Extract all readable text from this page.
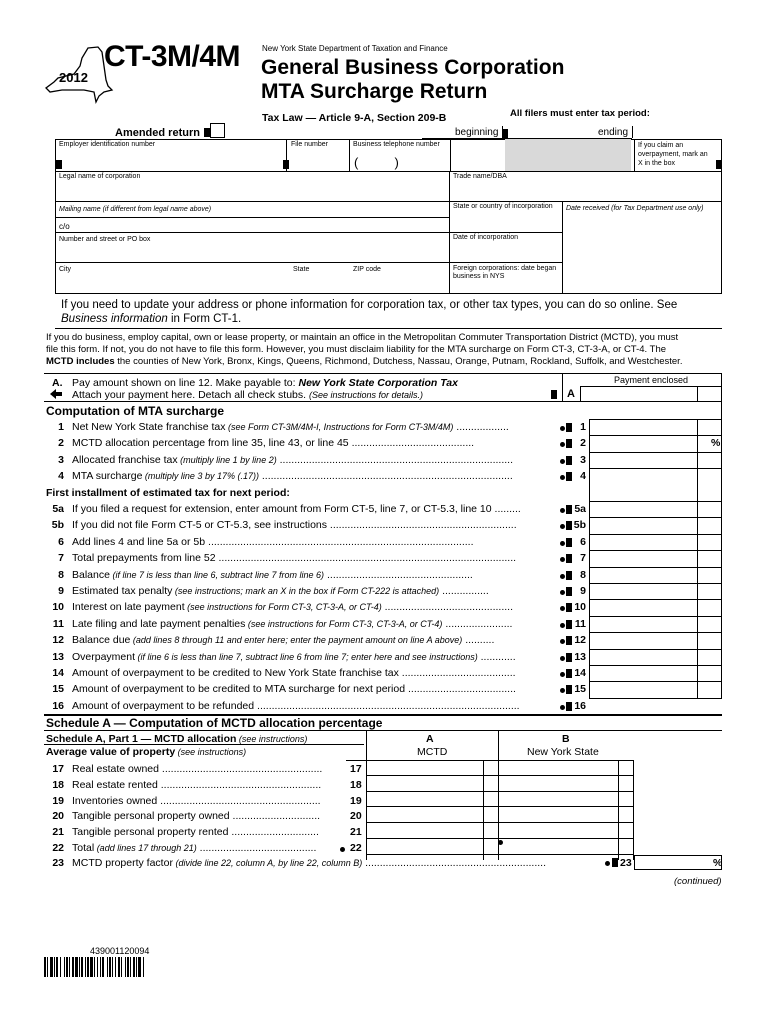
2012
CT-3M/4M	New York State Department of Taxation and Finance
General Business Corporation
MTA Surcharge Return
Tax Law — Article 9-A, Section 209-B	All filers must enter tax period:
Amended return	beginning	ending
Employer identification number	File number	Business telephone number
(          )
If you claim an overpayment, mark an X in the box
Legal name of corporation	Trade name/DBA
Mailing name (if different from legal name above)	State or country of incorporation Date received (for Tax Department use only)
c/o
Number and street or PO box	Date of incorporation
City	State	ZIP code	Foreign corporations: date began business in NYS
If you need to update your address or phone information for corporation tax, or other tax types, you can do so online. See Business information in Form CT-1.
If you do business, employ capital, own or lease property, or maintain an office in the Metropolitan Commuter Transportation District (MCTD), you must
file this form. If not, you do not have to file this form. However, you must disclaim liability for the MTA surcharge on Form CT-3, CT-3-A, or CT-4. The
MCTD includes the counties of New York, Bronx, Kings, Queens, Richmond, Dutchess, Nassau, Orange, Putnam, Rockland, Suffolk, and Westchester.
A. Pay amount shown on line 12. Make payable to: New York State Corporation Tax
Attach your payment here. Detach all check stubs. (See instructions for details.)	A
Payment enclosed
Computation of MTA surcharge
1 Net New York State franchise tax (see Form CT-3M/4M-I, Instructions for Form CT-3M/4M) ..................	1
2 MCTD allocation percentage from line 35, line 43, or line 45 ..........................................	2	%
3 Allocated franchise tax (multiply line 1 by line 2) ................................................................................	3
4 MTA surcharge (multiply line 3 by 17% (.17)) ......................................................................................	4
First installment of estimated tax for next period:
5a If you filed a request for extension, enter amount from Form CT-5, line 7, or CT-5.3, line 10 .........	5a
5b If you did not file Form CT-5 or CT-5.3, see instructions ................................................................	5b
6 Add lines 4 and line 5a or 5b ...........................................................................................	6
7 Total prepayments from line 52 ......................................................................................................	7
8 Balance (if line 7 is less than line 6, subtract line 7 from line 6) ..................................................	8
9 Estimated tax penalty (see instructions; mark an X in the box if Form CT-222 is attached) ................	9
10 Interest on late payment (see instructions for Form CT-3, CT-3-A, or CT-4) ............................................	10
11 Late filing and late payment penalties (see instructions for Form CT-3, CT-3-A, or CT-4) .......................	11
12 Balance due (add lines 8 through 11 and enter here; enter the payment amount on line A above) ..........	12
13 Overpayment (if line 6 is less than line 7, subtract line 6 from line 7; enter here and see instructions) ............	13
14 Amount of overpayment to be credited to New York State franchise tax .......................................	14
15 Amount of overpayment to be credited to MTA surcharge for next period .....................................	15
16 Amount of overpayment to be refunded ..........................................................................................	16
Schedule A — Computation of MCTD allocation percentage
Schedule A, Part 1 — MCTD allocation (see instructions)
Average value of property (see instructions)
A
MCTD
B
New York State
17 Real estate owned .......................................................	17
18 Real estate rented .......................................................	18
19 Inventories owned .......................................................	19
20 Tangible personal property owned ..............................	20
21 Tangible personal property rented ..............................	21
22 Total (add lines 17 through 21) ........................................	22
23 MCTD property factor (divide line 22, column A, by line 22, column B) ..............................................................	23	%
(continued)
439001120094
